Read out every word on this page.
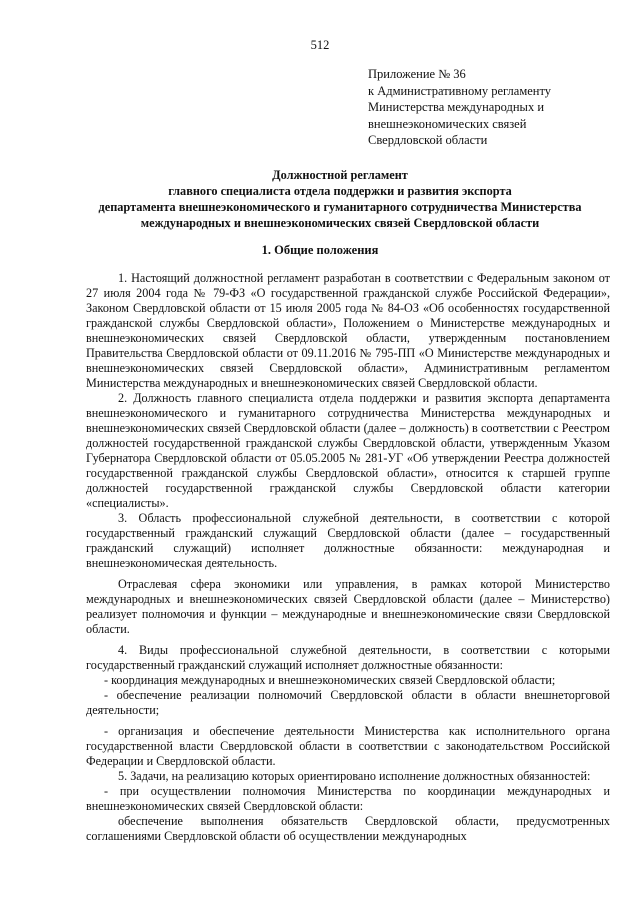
512
Приложение № 36
к Административному регламенту
Министерства международных и
внешнеэкономических связей
Свердловской области
Должностной регламент
главного специалиста отдела поддержки и развития экспорта
департамента внешнеэкономического и гуманитарного сотрудничества Министерства
международных и внешнеэкономических связей Свердловской области
1. Общие положения

1. Настоящий должностной регламент разработан в соответствии с Федеральным законом от 27 июля 2004 года № 79-ФЗ «О государственной гражданской службе Российской Федерации», Законом Свердловской области от 15 июля 2005 года № 84-ОЗ «Об особенностях государственной гражданской службы Свердловской области», Положением о Министерстве международных и внешнеэкономических связей Свердловской области, утвержденным постановлением Правительства Свердловской области от 09.11.2016 № 795-ПП «О Министерстве международных и внешнеэкономических связей Свердловской области», Административным регламентом Министерства международных и внешнеэкономических связей Свердловской области.

2. Должность главного специалиста отдела поддержки и развития экспорта департамента внешнеэкономического и гуманитарного сотрудничества Министерства международных и внешнеэкономических связей Свердловской области (далее – должность) в соответствии с Реестром должностей государственной гражданской службы Свердловской области, утвержденным Указом Губернатора Свердловской области от 05.05.2005 № 281-УГ «Об утверждении Реестра должностей государственной гражданской службы Свердловской области», относится к старшей группе должностей государственной гражданской службы Свердловской области категории «специалисты».

3. Область профессиональной служебной деятельности, в соответствии с которой государственный гражданский служащий Свердловской области (далее – государственный гражданский служащий) исполняет должностные обязанности: международная и внешнеэкономическая деятельность.

Отраслевая сфера экономики или управления, в рамках которой Министерство международных и внешнеэкономических связей Свердловской области (далее – Министерство) реализует полномочия и функции – международные и внешнеэкономические связи Свердловской области.

4. Виды профессиональной служебной деятельности, в соответствии с которыми государственный гражданский служащий исполняет должностные обязанности:

- координация международных и внешнеэкономических связей Свердловской области;

- обеспечение реализации полномочий Свердловской области в области внешнеторговой деятельности;

- организация и обеспечение деятельности Министерства как исполнительного органа государственной власти Свердловской области в соответствии с законодательством Российской Федерации и Свердловской области.

5. Задачи, на реализацию которых ориентировано исполнение должностных обязанностей:

- при осуществлении полномочия Министерства по координации международных и внешнеэкономических связей Свердловской области:

обеспечение выполнения обязательств Свердловской области, предусмотренных соглашениями Свердловской области об осуществлении международных
